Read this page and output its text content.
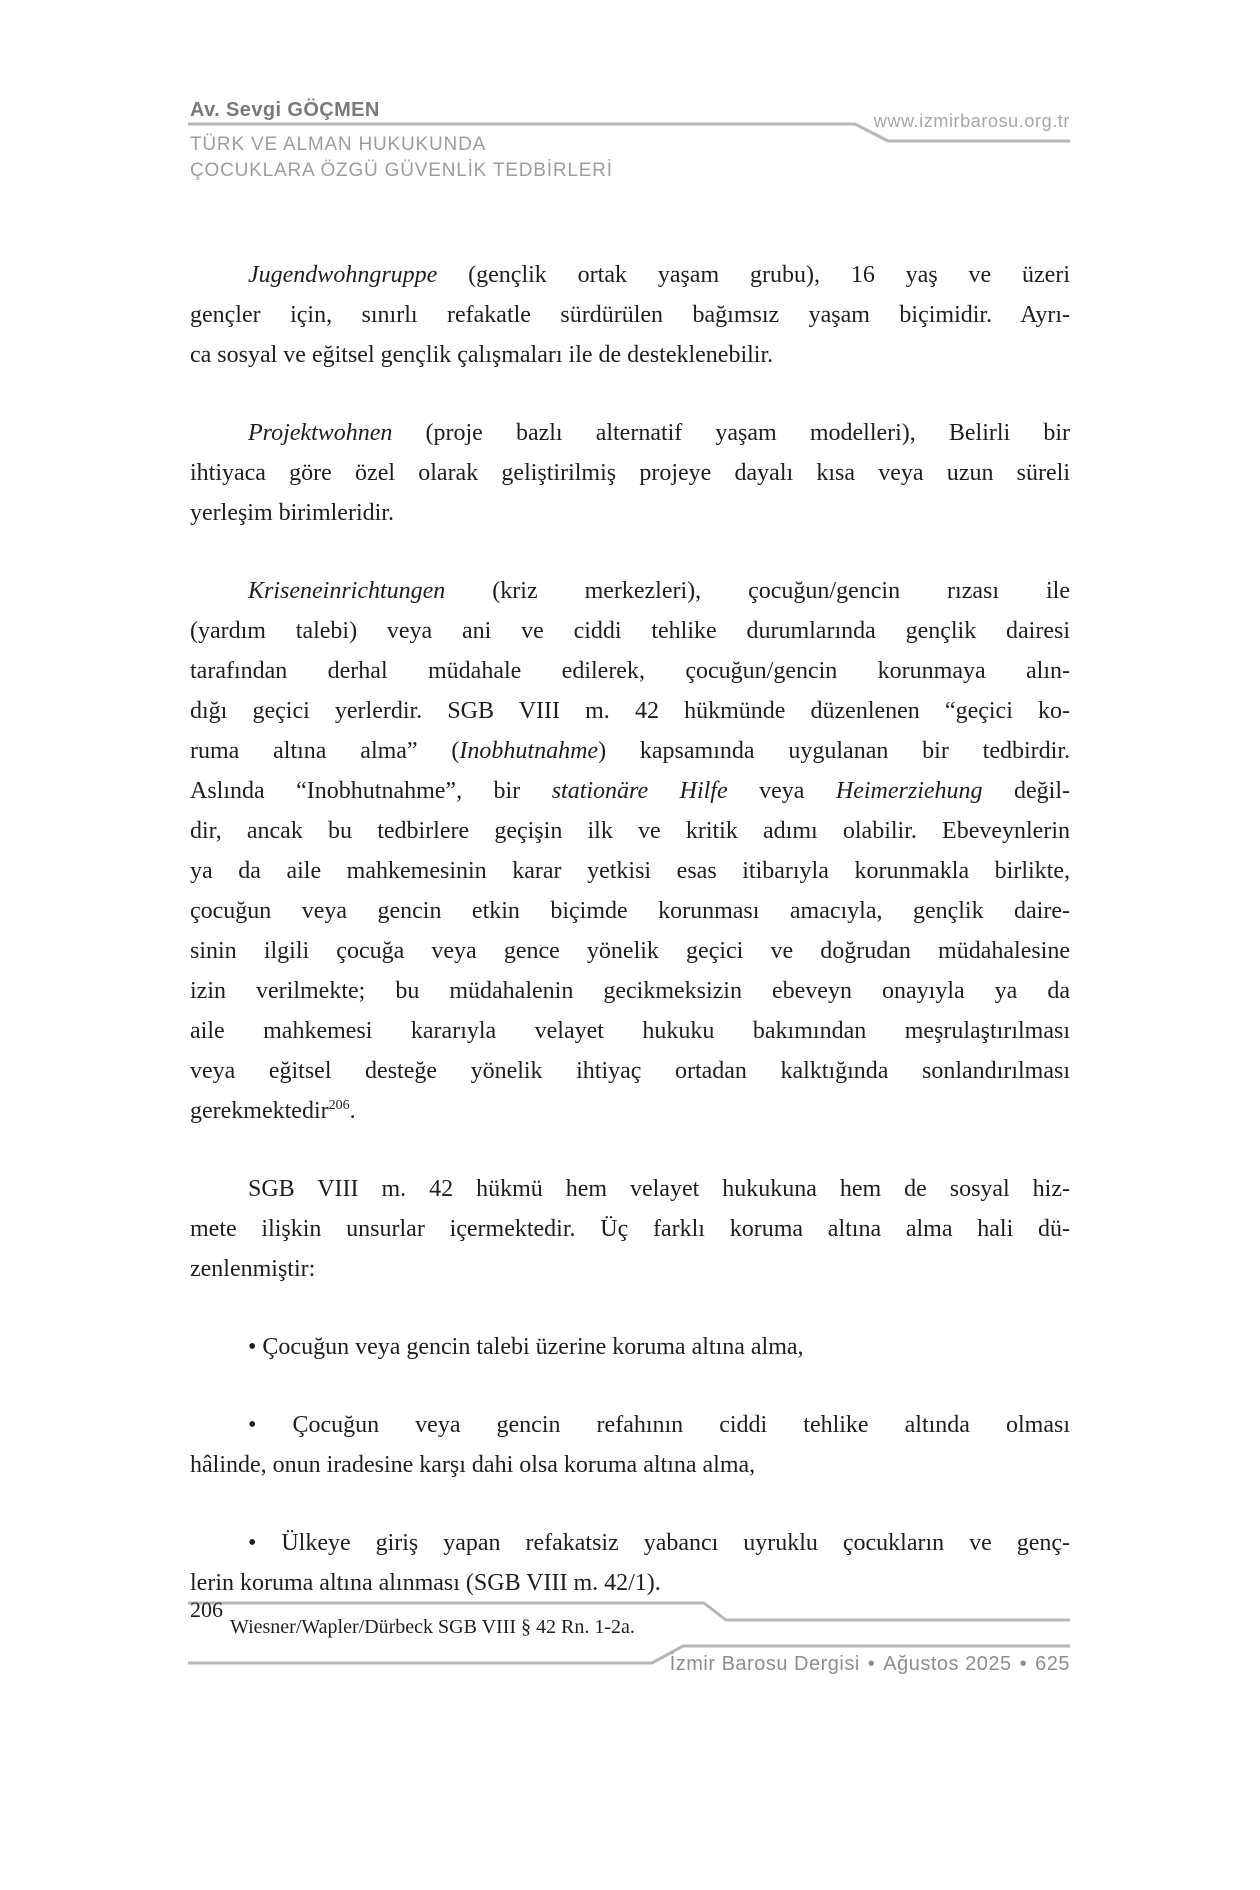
Av. Sevgi GÖÇMEN	www.izmirbarosu.org.tr
TÜRK VE ALMAN HUKUKUNDA
ÇOCUKLARA ÖZGÜ GÜVENLİK TEDBİRLERİ
Jugendwohngruppe (gençlik ortak yaşam grubu), 16 yaş ve üzeri
gençler için, sınırlı refakatle sürdürülen bağımsız yaşam biçimidir. Ayrı-
ca sosyal ve eğitsel gençlik çalışmaları ile de desteklenebilir.
Projektwohnen (proje bazlı alternatif yaşam modelleri), Belirli bir
ihtiyaca göre özel olarak geliştirilmiş projeye dayalı kısa veya uzun süreli
yerleşim birimleridir.
Kriseneinrichtungen (kriz merkezleri), çocuğun/gencin rızası ile
(yardım talebi) veya ani ve ciddi tehlike durumlarında gençlik dairesi
tarafından derhal müdahale edilerek, çocuğun/gencin korunmaya alın-
dığı geçici yerlerdir. SGB VIII m. 42 hükmünde düzenlenen “geçici ko-
ruma altına alma” (Inobhutnahme) kapsamında uygulanan bir tedbirdir.
Aslında “Inobhutnahme”, bir stationäre Hilfe veya Heimerziehung değil-
dir, ancak bu tedbirlere geçişin ilk ve kritik adımı olabilir. Ebeveynlerin
ya da aile mahkemesinin karar yetkisi esas itibarıyla korunmakla birlikte,
çocuğun veya gencin etkin biçimde korunması amacıyla, gençlik daire-
sinin ilgili çocuğa veya gence yönelik geçici ve doğrudan müdahalesine
izin verilmekte; bu müdahalenin gecikmeksizin ebeveyn onayıyla ya da
aile mahkemesi kararıyla velayet hukuku bakımından meşrulaştırılması
veya eğitsel desteğe yönelik ihtiyaç ortadan kalktığında sonlandırılması
gerekmektedir$^{206}$.
SGB VIII m. 42 hükmü hem velayet hukukuna hem de sosyal hiz-
mete ilişkin unsurlar içermektedir. Üç farklı koruma altına alma hali dü-
zenlenmiştir:
• Çocuğun veya gencin talebi üzerine koruma altına alma,
• Çocuğun veya gencin refahının ciddi tehlike altında olması
hâlinde, onun iradesine karşı dahi olsa koruma altına alma,
• Ülkeye giriş yapan refakatsiz yabancı uyruklu çocukların ve genç-
lerin koruma altına alınması (SGB VIII m. 42/1).
$^{206}$Wiesner/Wapler/Dürbeck SGB VIII § 42 Rn. 1-2a.
İzmir Barosu Dergisi • Ağustos 2025 • 625
